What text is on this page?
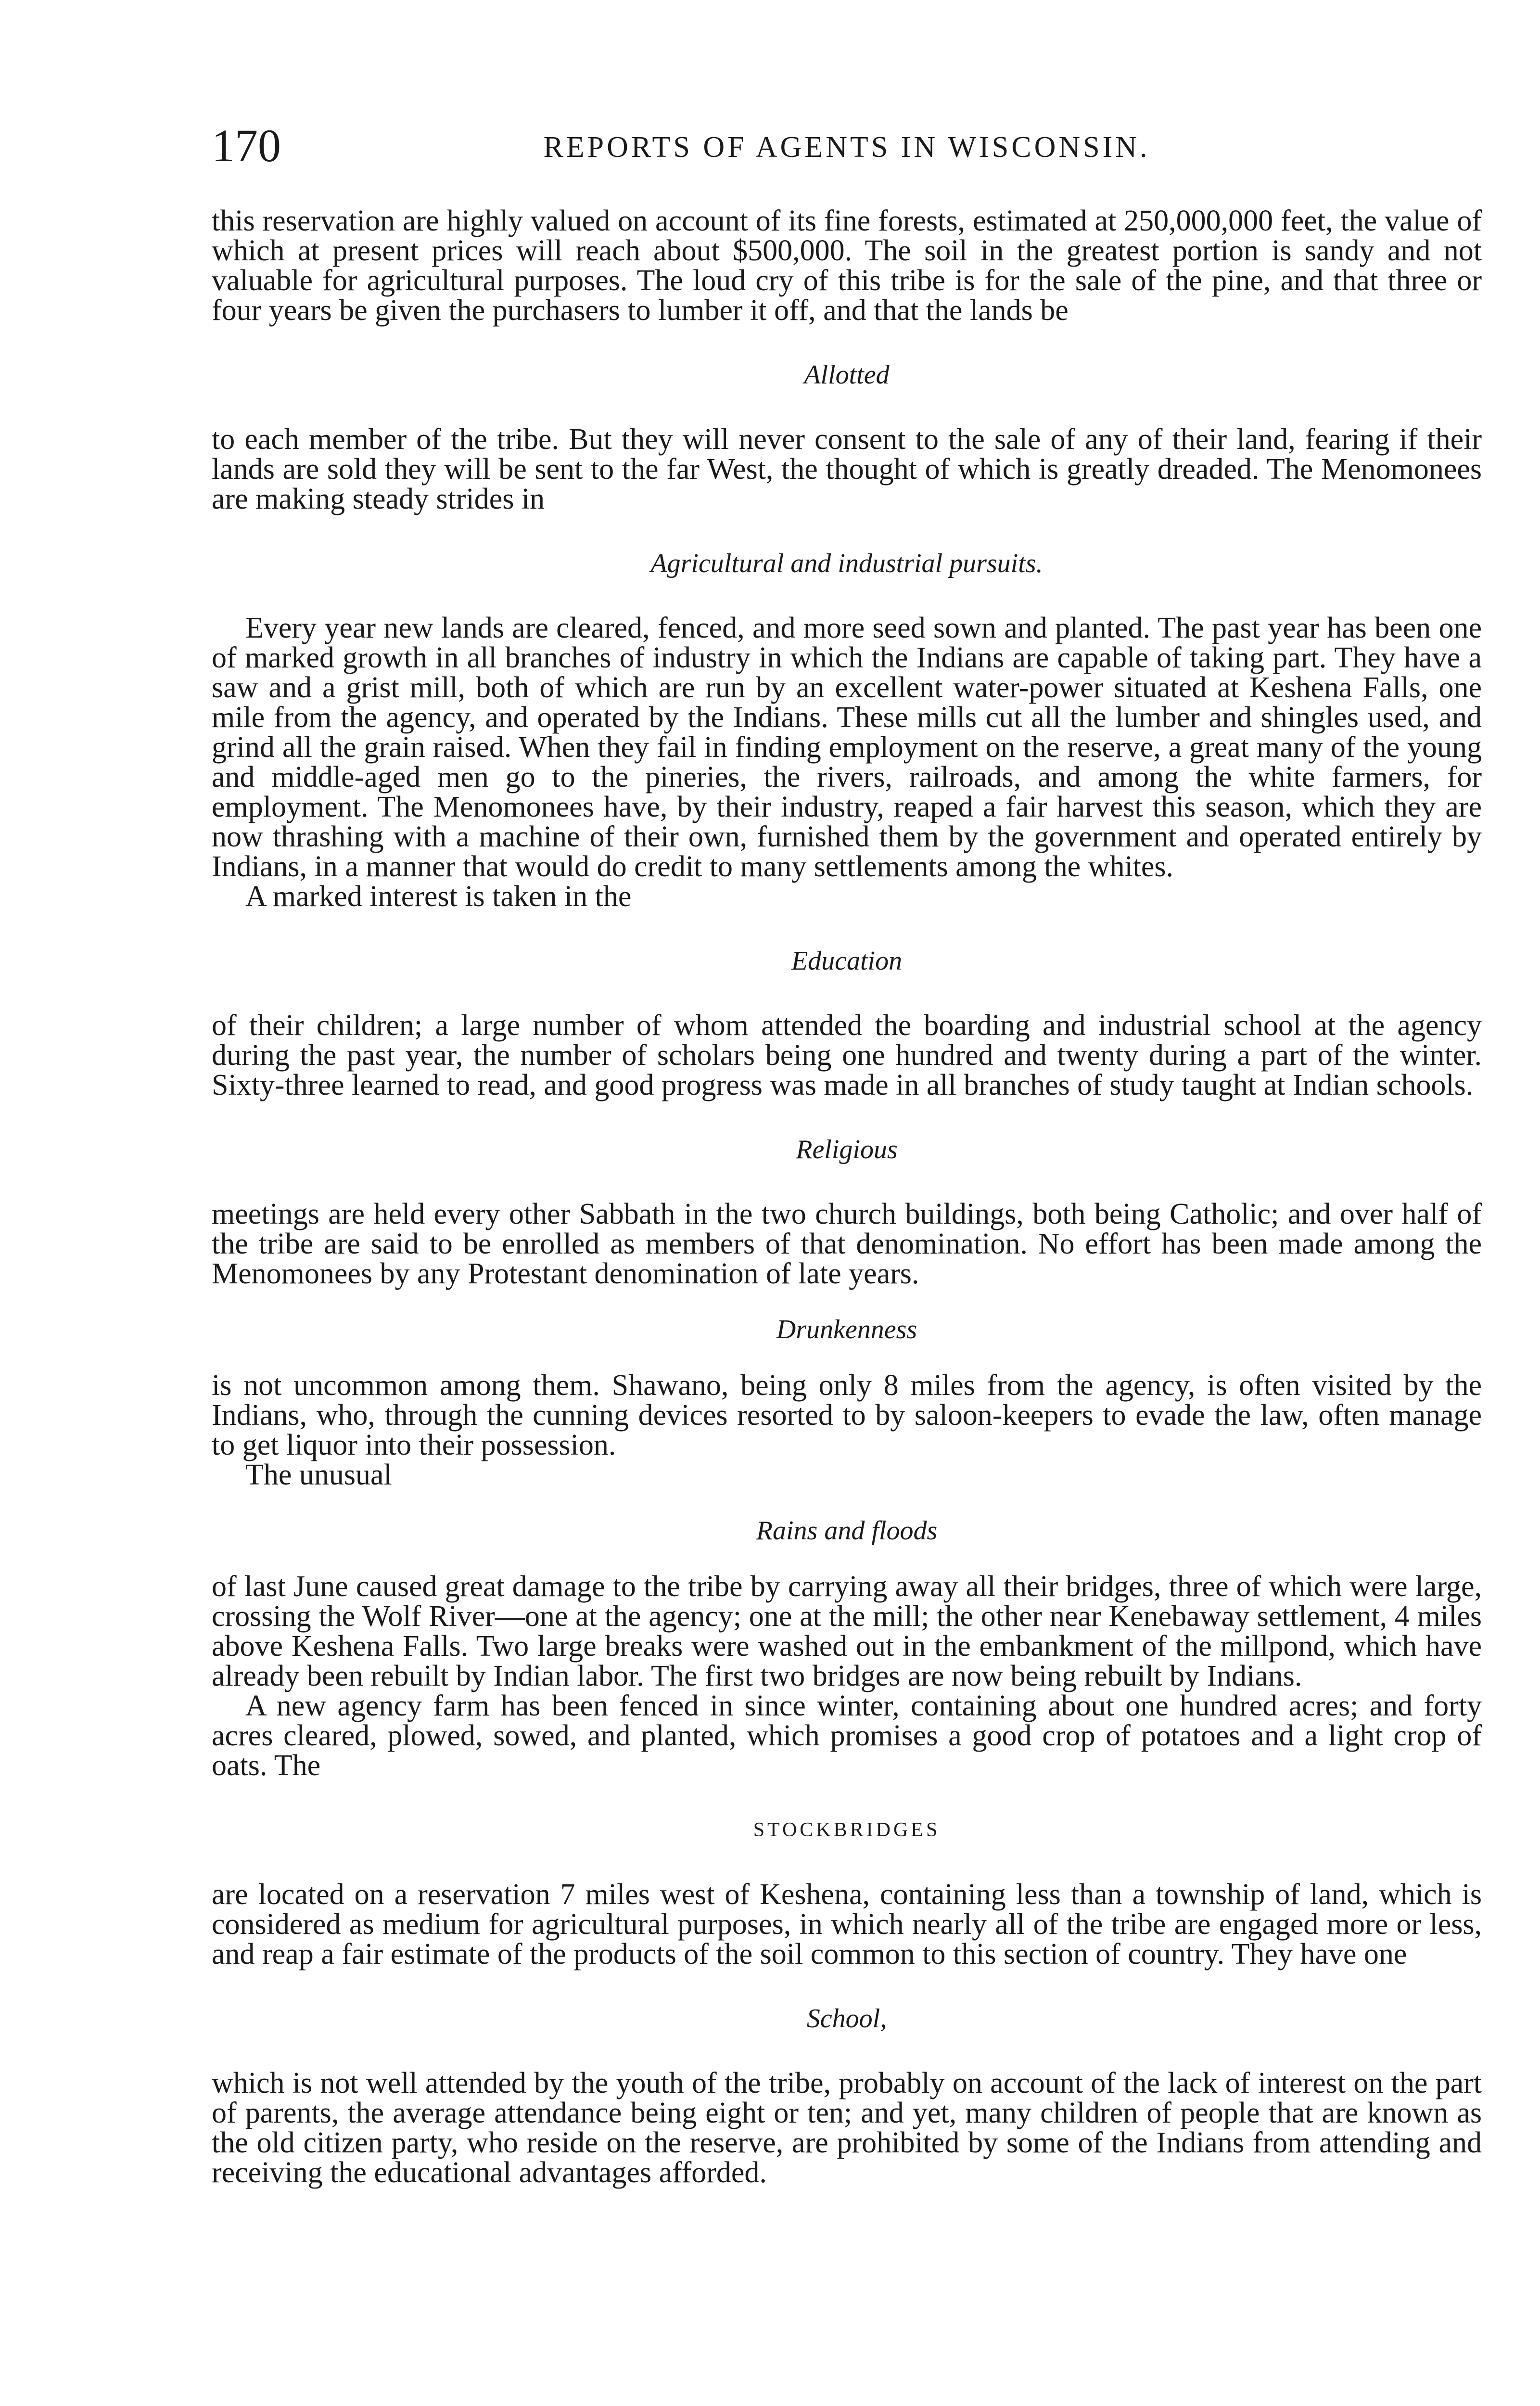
170	REPORTS OF AGENTS IN WISCONSIN.

this reservation are highly valued on account of its fine forests, estimated at 250,000,000 feet, the value of which at present prices will reach about $500,000. The soil in the greatest portion is sandy and not valuable for agricultural purposes. The loud cry of this tribe is for the sale of the pine, and that three or four years be given the purchasers to lumber it off, and that the lands be

Allotted

to each member of the tribe. But they will never consent to the sale of any of their land, fearing if their lands are sold they will be sent to the far West, the thought of which is greatly dreaded. The Menomonees are making steady strides in

Agricultural and industrial pursuits.

Every year new lands are cleared, fenced, and more seed sown and planted. The past year has been one of marked growth in all branches of industry in which the Indians are capable of taking part. They have a saw and a grist mill, both of which are run by an excellent water-power situated at Keshena Falls, one mile from the agency, and operated by the Indians. These mills cut all the lumber and shingles used, and grind all the grain raised. When they fail in finding employment on the reserve, a great many of the young and middle-aged men go to the pineries, the rivers, railroads, and among the white farmers, for employment. The Menomonees have, by their industry, reaped a fair harvest this season, which they are now thrashing with a machine of their own, furnished them by the government and operated entirely by Indians, in a manner that would do credit to many settlements among the whites.

A marked interest is taken in the

Education

of their children; a large number of whom attended the boarding and industrial school at the agency during the past year, the number of scholars being one hundred and twenty during a part of the winter. Sixty-three learned to read, and good progress was made in all branches of study taught at Indian schools.

Religious

meetings are held every other Sabbath in the two church buildings, both being Catholic; and over half of the tribe are said to be enrolled as members of that denomination. No effort has been made among the Menomonees by any Protestant denomination of late years.

Drunkenness

is not uncommon among them. Shawano, being only 8 miles from the agency, is often visited by the Indians, who, through the cunning devices resorted to by saloon-keepers to evade the law, often manage to get liquor into their possession.

The unusual

Rains and floods

of last June caused great damage to the tribe by carrying away all their bridges, three of which were large, crossing the Wolf River—one at the agency; one at the mill; the other near Kenebaway settlement, 4 miles above Keshena Falls. Two large breaks were washed out in the embankment of the millpond, which have already been rebuilt by Indian labor. The first two bridges are now being rebuilt by Indians.

A new agency farm has been fenced in since winter, containing about one hundred acres; and forty acres cleared, plowed, sowed, and planted, which promises a good crop of potatoes and a light crop of oats. The

STOCKBRIDGES

are located on a reservation 7 miles west of Keshena, containing less than a township of land, which is considered as medium for agricultural purposes, in which nearly all of the tribe are engaged more or less, and reap a fair estimate of the products of the soil common to this section of country. They have one

School,

which is not well attended by the youth of the tribe, probably on account of the lack of interest on the part of parents, the average attendance being eight or ten; and yet, many children of people that are known as the old citizen party, who reside on the reserve, are prohibited by some of the Indians from attending and receiving the educational advantages afforded.
